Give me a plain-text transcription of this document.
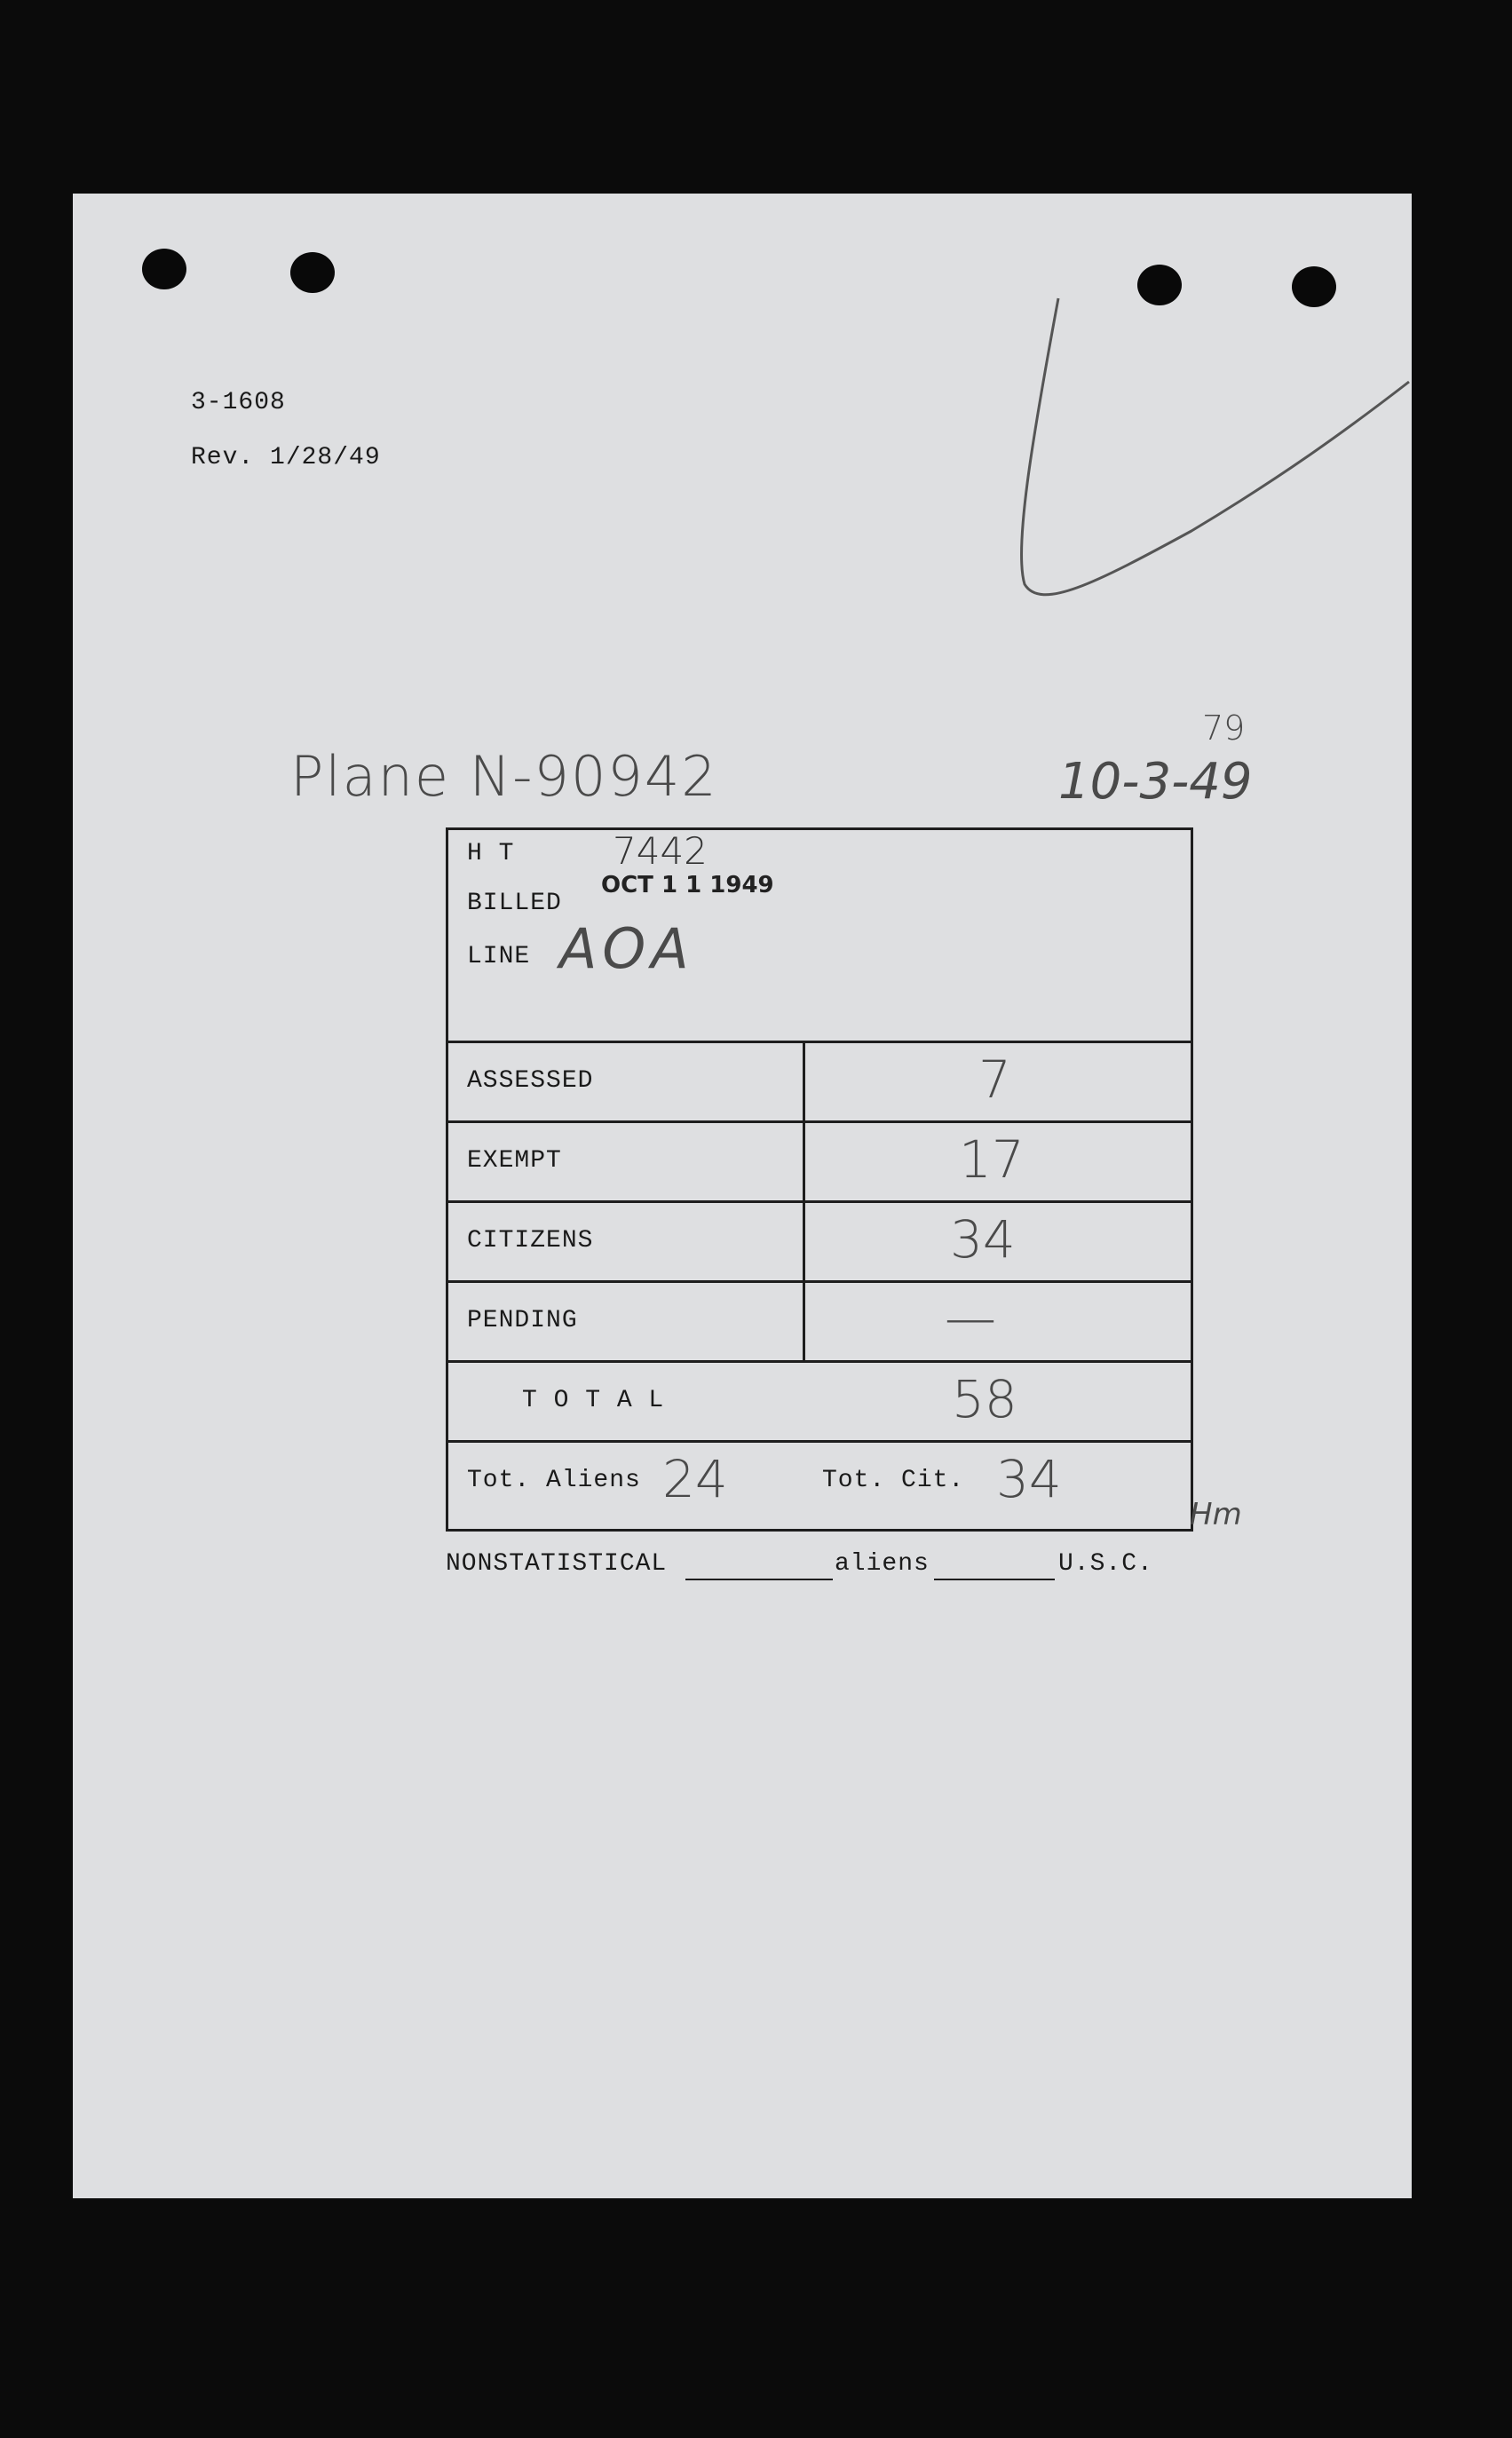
3-1608
Rev. 1/28/49
Plane N-90942
79
10-3-49
H T	7442
BILLED
OCT 1 1 1949
LINE AOA
ASSESSED	7
EXEMPT	17
CITIZENS	34
PENDING	—
T O T A L	58
Tot. Aliens 24	Tot. Cit. 34
Hm
NONSTATISTICAL	aliens	U.S.C.
